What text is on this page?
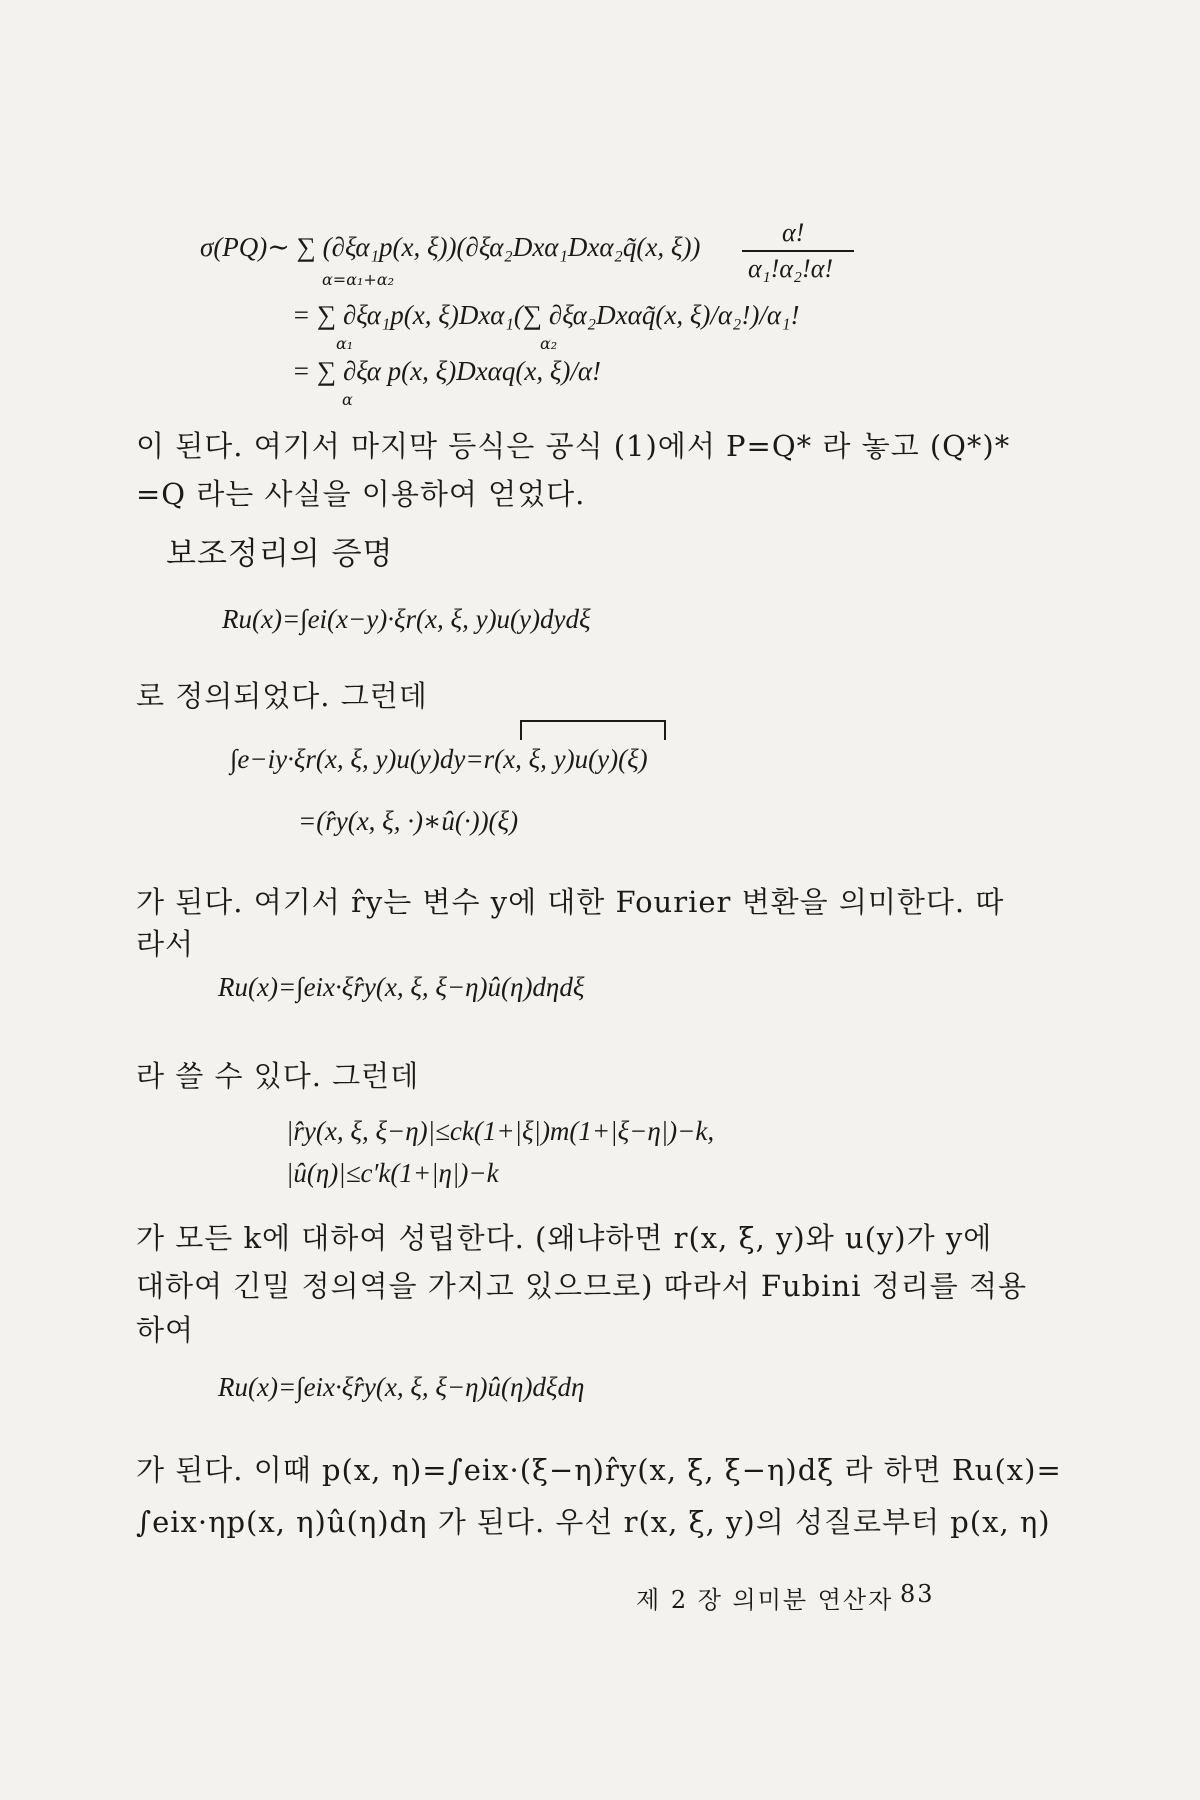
σ(PQ)∼ ∑ (∂ξα₁p(x, ξ))(∂ξα₂Dxα₁Dxα₂q̃(x, ξ))
α=α₁+α₂
α!
α₁!α₂!α!
= ∑ ∂ξα₁p(x, ξ)Dxα₁(∑ ∂ξα₂Dxαq̃(x, ξ)/α₂!)/α₁!
α₁	α₂
= ∑ ∂ξα p(x, ξ)Dxαq(x, ξ)/α!
α
이 된다. 여기서 마지막 등식은 공식 (1)에서 P=Q* 라 놓고 (Q*)*
=Q 라는 사실을 이용하여 얻었다.
보조정리의 증명
Ru(x)=∫ei(x−y)·ξr(x, ξ, y)u(y)dydξ
로 정의되었다. 그런데
∫e−iy·ξr(x, ξ, y)u(y)dy=r(x, ξ, y)u(y)(ξ)
=(r̂y(x, ξ, ·)∗û(·))(ξ)
가 된다. 여기서 r̂y는 변수 y에 대한 Fourier 변환을 의미한다. 따
라서
Ru(x)=∫eix·ξr̂y(x, ξ, ξ−η)û(η)dηdξ
라 쓸 수 있다. 그런데
|r̂y(x, ξ, ξ−η)|≤ck(1+|ξ|)m(1+|ξ−η|)−k,
|û(η)|≤c′k(1+|η|)−k
가 모든 k에 대하여 성립한다. (왜냐하면 r(x, ξ, y)와 u(y)가 y에
대하여 긴밀 정의역을 가지고 있으므로) 따라서 Fubini 정리를 적용
하여
Ru(x)=∫eix·ξr̂y(x, ξ, ξ−η)û(η)dξdη
가 된다. 이때 p(x, η)=∫eix·(ξ−η)r̂y(x, ξ, ξ−η)dξ 라 하면 Ru(x)=
∫eix·ηp(x, η)û(η)dη 가 된다. 우선 r(x, ξ, y)의 성질로부터 p(x, η)
제 2 장 의미분 연산자 83
